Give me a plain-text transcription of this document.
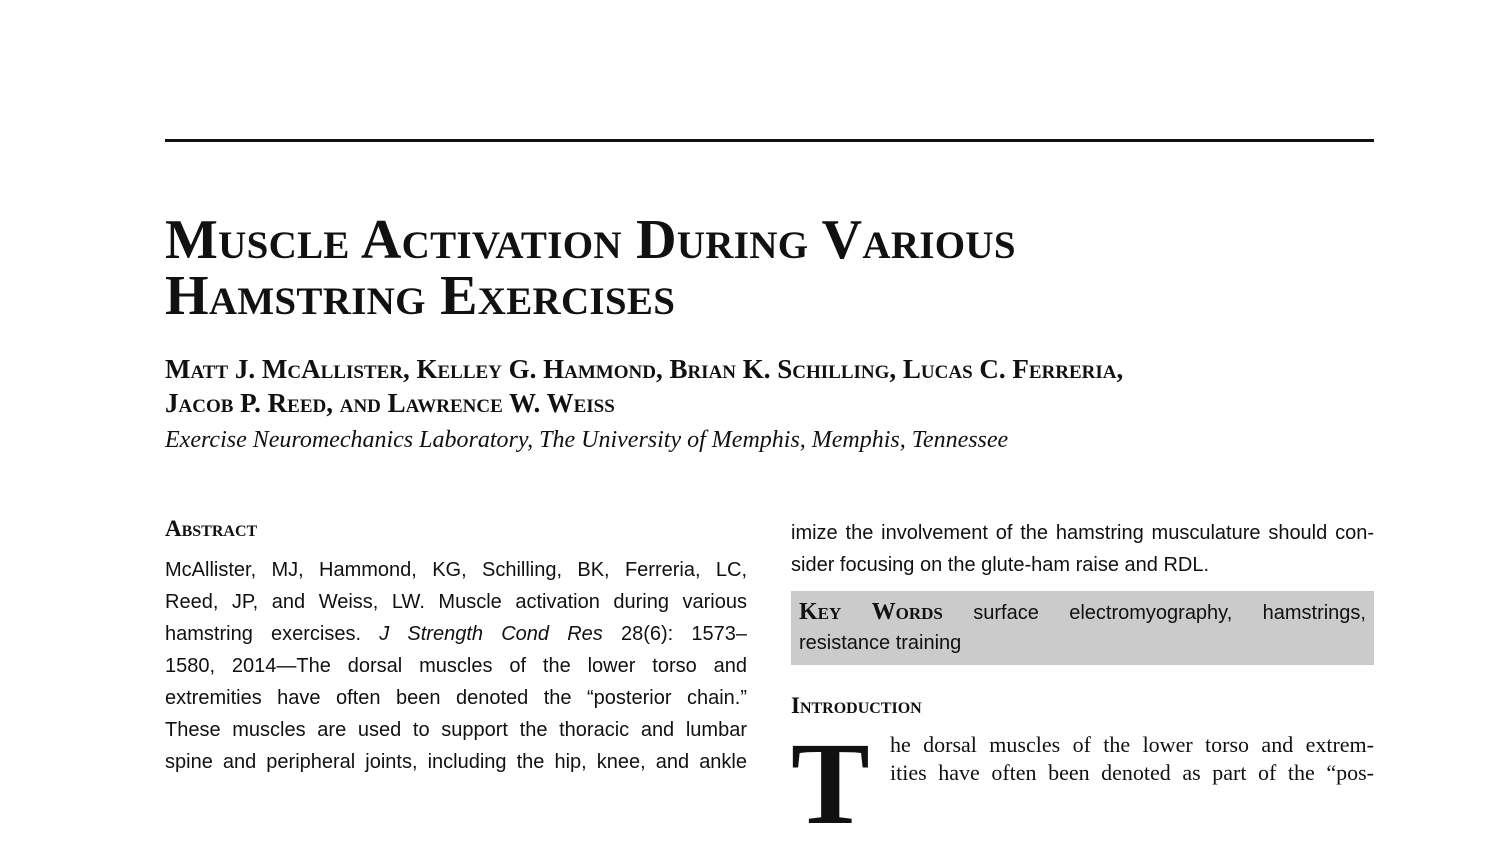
Muscle Activation During Various
Hamstring Exercises
Matt J. McAllister, Kelley G. Hammond, Brian K. Schilling, Lucas C. Ferreria,
Jacob P. Reed, and Lawrence W. Weiss
Exercise Neuromechanics Laboratory, The University of Memphis, Memphis, Tennessee
Abstract
McAllister, MJ, Hammond, KG, Schilling, BK, Ferreria, LC,
Reed, JP, and Weiss, LW. Muscle activation during various
hamstring exercises. J Strength Cond Res 28(6): 1573–
1580, 2014—The dorsal muscles of the lower torso and
extremities have often been denoted the “posterior chain.”
These muscles are used to support the thoracic and lumbar
spine and peripheral joints, including the hip, knee, and ankle
imize the involvement of the hamstring musculature should con-
sider focusing on the glute-ham raise and RDL.
Key Words surface electromyography, hamstrings,
resistance training
Introduction
T he dorsal muscles of the lower torso and extrem-
ities have often been denoted as part of the “pos-
